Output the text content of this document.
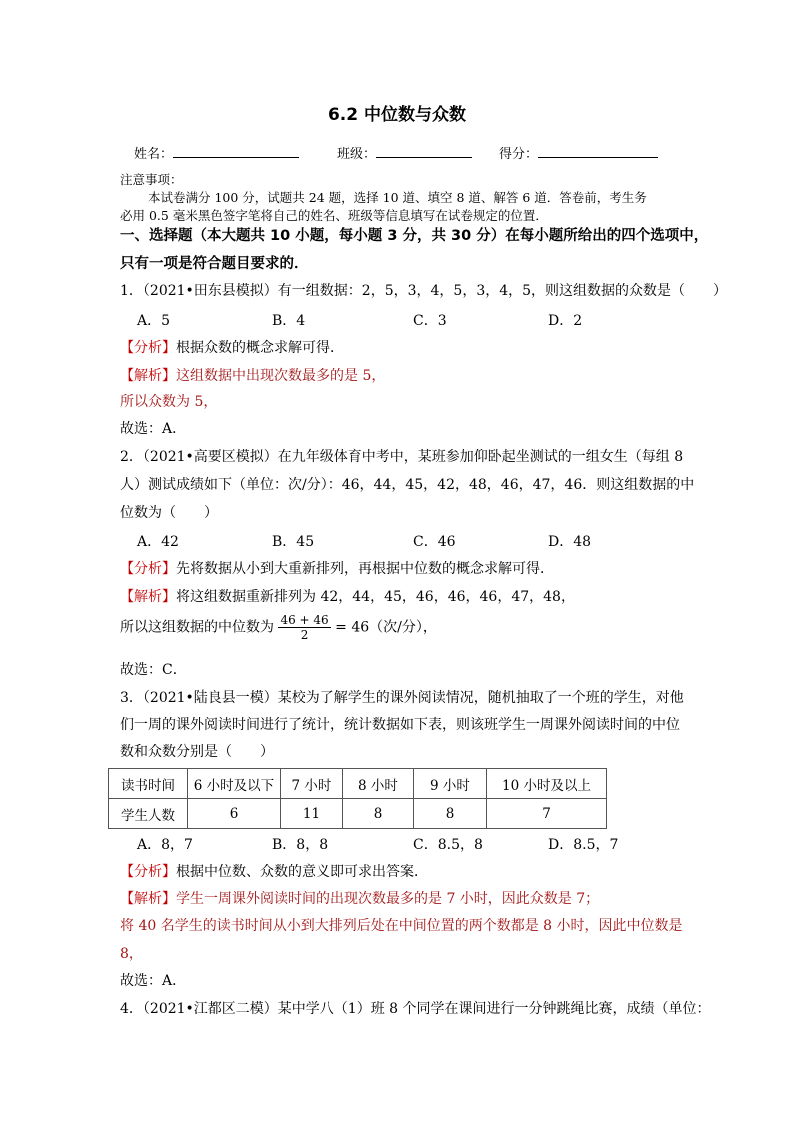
6.2 中位数与众数
姓名：	班级：	得分：
注意事项：
本试卷满分 100 分，试题共 24 题，选择 10 道、填空 8 道、解答 6 道．答卷前，考生务
必用 0.5 毫米黑色签字笔将自己的姓名、班级等信息填写在试卷规定的位置．
一、选择题（本大题共 10 小题，每小题 3 分，共 30 分）在每小题所给出的四个选项中，
只有一项是符合题目要求的．
1．（2021•田东县模拟）有一组数据：2，5，3，4，5，3，4，5，则这组数据的众数是（　　）
A．5	B．4	C．3	D．2
【分析】根据众数的概念求解可得．
【解析】这组数据中出现次数最多的是 5，
所以众数为 5，
故选：A．
2．（2021•高要区模拟）在九年级体育中考中，某班参加仰卧起坐测试的一组女生（每组 8
人）测试成绩如下（单位：次/分）：46，44，45，42，48，46，47，46．则这组数据的中
位数为（　　）
A．42	B．45	C．46	D．48
【分析】先将数据从小到大重新排列，再根据中位数的概念求解可得．
【解析】将这组数据重新排列为 42，44，45，46，46，46，47，48，
所以这组数据的中位数为 $\frac{46 + 46}{2} = 46$（次/分），
故选：C．
3．（2021•陆良县一模）某校为了解学生的课外阅读情况，随机抽取了一个班的学生，对他
们一周的课外阅读时间进行了统计，统计数据如下表，则该班学生一周课外阅读时间的中位
数和众数分别是（　　）
读书时间	6 小时及以下	7 小时	8 小时	9 小时	10 小时及以上
学生人数	6	11	8	8	7
A．8，7	B．8，8	C．8.5，8	D．8.5，7
【分析】根据中位数、众数的意义即可求出答案．
【解析】学生一周课外阅读时间的出现次数最多的是 7 小时，因此众数是 7；
将 40 名学生的读书时间从小到大排列后处在中间位置的两个数都是 8 小时，因此中位数是
8，
故选：A．
4．（2021•江都区二模）某中学八（1）班 8 个同学在课间进行一分钟跳绳比赛，成绩（单位：
